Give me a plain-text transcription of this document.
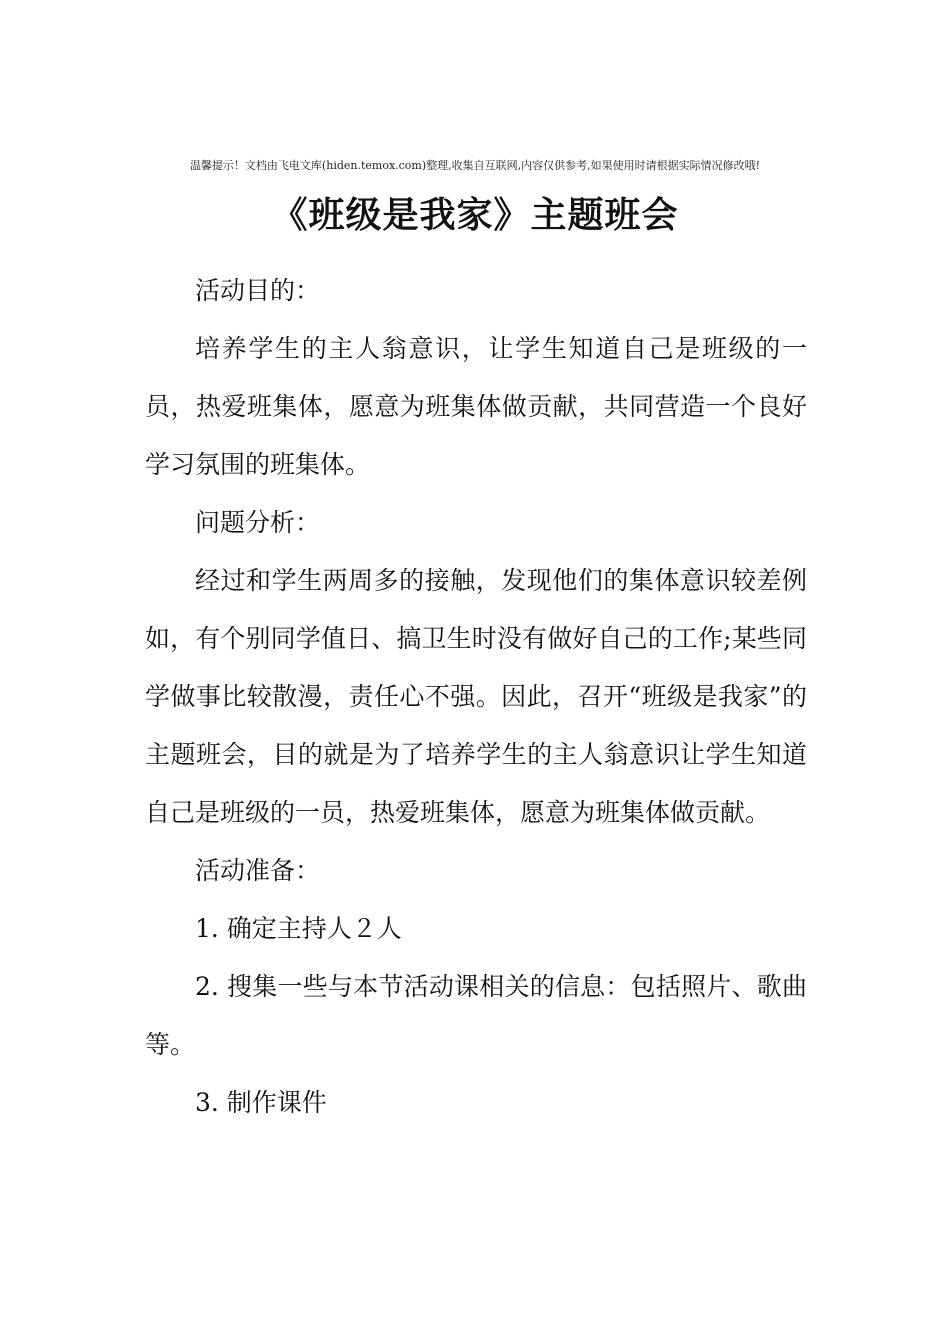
温馨提示！文档由飞电文库(hiden.temox.com)整理,收集自互联网,内容仅供参考,如果使用时请根据实际情况修改哦!
《班级是我家》主题班会

活动目的：

培养学生的主人翁意识，让学生知道自己是班级的一员，热爱班集体，愿意为班集体做贡献，共同营造一个良好学习氛围的班集体。

问题分析：

经过和学生两周多的接触，发现他们的集体意识较差例如，有个别同学值日、搞卫生时没有做好自己的工作;某些同学做事比较散漫，责任心不强。因此，召开“班级是我家”的主题班会，目的就是为了培养学生的主人翁意识让学生知道自己是班级的一员，热爱班集体，愿意为班集体做贡献。

活动准备：

1. 确定主持人２人

2. 搜集一些与本节活动课相关的信息：包括照片、歌曲等。

3. 制作课件
